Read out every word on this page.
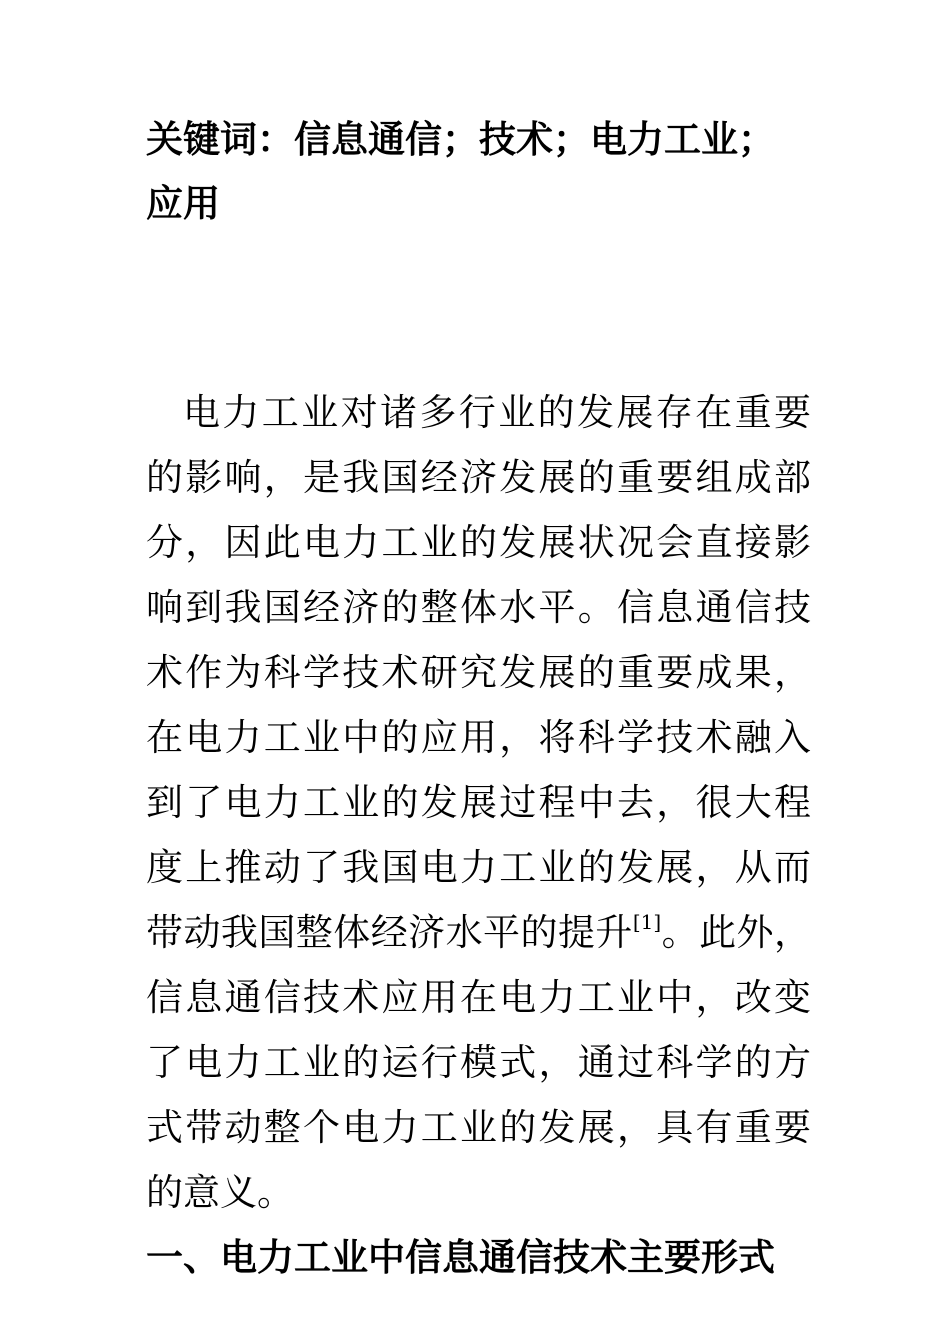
关键词：信息通信；技术；电力工业；应用

电力工业对诸多行业的发展存在重要的影响，是我国经济发展的重要组成部分，因此电力工业的发展状况会直接影响到我国经济的整体水平。信息通信技术作为科学技术研究发展的重要成果，在电力工业中的应用，将科学技术融入到了电力工业的发展过程中去，很大程度上推动了我国电力工业的发展，从而带动我国整体经济水平的提升[1]。此外，信息通信技术应用在电力工业中，改变了电力工业的运行模式，通过科学的方式带动整个电力工业的发展，具有重要的意义。

一、电力工业中信息通信技术主要形式
